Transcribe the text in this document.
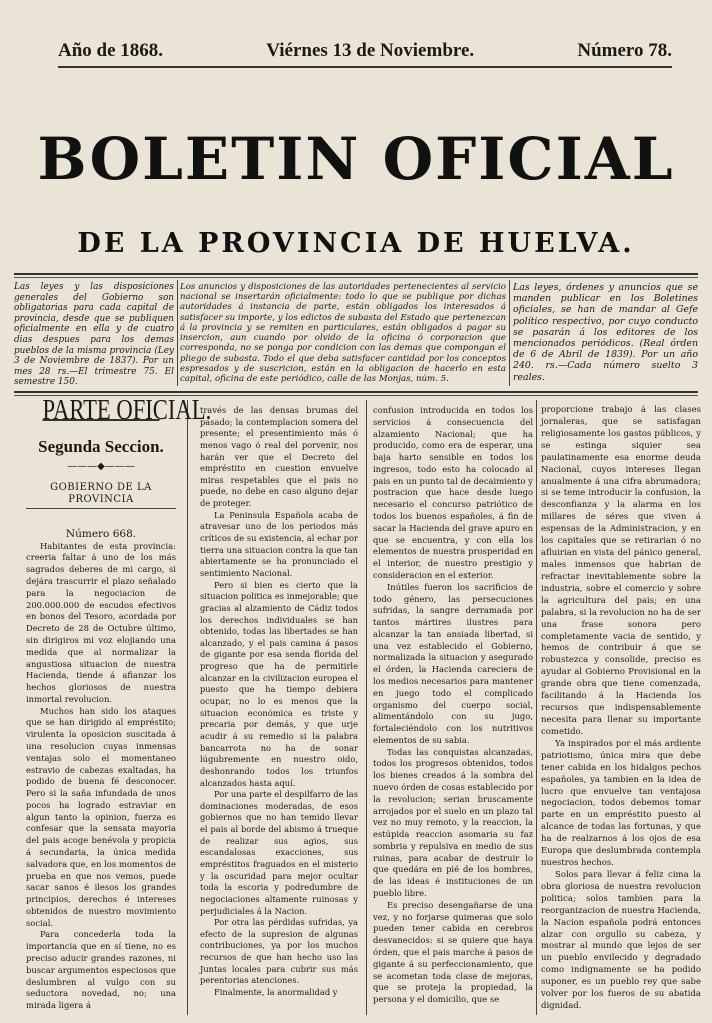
Año de 1868.	Viérnes 13 de Noviembre.	Número 78.
BOLETIN OFICIAL
DE LA PROVINCIA DE HUELVA.
Las leyes y las disposiciones generales del Gobierno son obligatorias para cada capital de provincia, desde que se publiquen oficialmente en ella y de cuatro dias despues para los demas pueblos de la misma provincia (Ley 3 de Noviembre de 1837). Por un mes 28 rs.—El trimestre 75. El semestre 150.
Los anuncios y disposiciones de las autoridades pertenecientes al servicio nacional se insertarán oficialmente: todo lo que se publique por dichas autoridades á instancia de parte, están obligados los interesados á satisfacer su importe, y los edictos de subasta del Estado que pertenezcan á la provincia y se remiten en particulares, están obligados á pagar su insercion, aun cuando por olvido de la oficina ó corporacion que corresponda, no se ponga por condicion con las demas que compongan el pliego de subasta. Todo el que deba satisfacer cantidad por los conceptos espresados y de suscricion, están en la obligacion de hacerlo en esta capital, oficina de este periódico, calle de las Monjas, núm. 5.
Las leyes, órdenes y anuncios que se manden publicar en los Boletines oficiales, se han de mandar al Gefe político respectivo, por cuyo conducto se pasarán á los editores de los mencionados periódicos. (Real órden de 6 de Abril de 1839). Por un año 240. rs.—Cada número suelto 3 reales.
PARTE OFICIAL.
Segunda Seccion.
———◆———
GOBIERNO DE LA PROVINCIA

Número 668.

Habitantes de esta provincia: creeria faltar á uno de los más sagrados deberes de mi cargo, si dejára trascurrir el plazo señalado para la negociacion de 200.000.000 de escudos efectivos en bonos del Tesoro, acordada por Decreto de 28 de Octubre último, sin dirigiros mi voz elojiando una medida que al normalizar la angustiosa situacion de nuestra Hacienda, tiende á afianzar los hechos gloriosos de nuestra inmortal revolucion.

Muchos han sido los ataques que se han dirigido al empréstito; virulenta la oposicion suscitada á una resolucion cuyas inmensas ventajas solo el momentaneo estravio de cabezas exaltadas, ha podido de buena fé desconocer. Pero si la saña infundada de unos pocos ha logrado estraviar en algun tanto la opinion, fuerza es confesar que la sensata mayoria del pais acoge benévola y propicia á secundaria, la única medida salvadora que, en los momentos de prueba en que nos vemos, puede sacar sanos é ilesos los grandes principios, derechos é intereses obtenidos de nuestro movimiento social.

Para concederla toda la importancia que en sí tiene, no es preciso aducir grandes razones, ni buscar argumentos especiosos que deslumbren al vulgo con su seductora novedad, no; una mirada ligera á

través de las densas brumas del pasado; la contemplacion somera del presente; el presentimiento más ó menos vago ó real del porvenir, nos harán ver que el Decreto del empréstito en cuestion envuelve miras respetables que el pais no puede, no debe en caso alguno dejar de proteger.

La Peninsula Española acaba de atravesar uno de los periodos más críticos de su existencia, al echar por tierra una situacion contra la que tan abiertamente se ha pronunciado el sentimiento Nacional.

Pero si bien es cierto que la situacion politica es inmejorable; que gracias al alzamiento de Cádiz todos los derechos individuales se han obtenido, todas las libertades se han alcanzado, y el pais camina á pasos de gigante por esa senda florida del progreso que ha de permitirle alcanzar en la civilizacion europea el puesto que ha tiempo debiera ocupar, no lo es menos que la situacion económica es triste y precaria por demás, y que urje acudir á su remedio si la palabra bancarrota no ha de sonar lúgubremente en nuestro oido, deshonrando todos los triunfos alcanzados hasta aquí.

Por una parte el despilfarro de las dominaciones moderadas, de esos gobiernos que no han temido llevar el pais al borde del abismo á trueque de realizar sus agios, sus escandalosas exacciones, sus empréstitos fraguados en el misterio y la oscuridad para mejor ocultar toda la escoria y podredumbre de negociaciones altamente ruinosas y perjudiciales á la Nacion.

Por otra las pérdidas sufridas, ya efecto de la supresion de algunas contribuciones, ya por los muchos recursos de que han hecho uso las Juntas locales para cubrir sus más perentorias atenciones.

Finalmente, la anormalidad y

confusion introducida en todos los servicios á consecuencia del alzamiento Nacional; que ha producido, como era de esperar, una baja harto sensible en todos los ingresos, todo esto ha colocado al pais en un punto tal de decaimiento y postracion que hace desde luego necesario el concurso patriótico de todos los buenos españoles, á fin de sacar la Hacienda del grave apuro en que se encuentra, y con ella los elementos de nuestra prosperidad en el interior, de nuestro prestigio y consideracion en el exterior.

Inútiles fueron los sacrificios de todo género, las persecuciones sufridas, la sangre derramada por tantos mártires ilustres para alcanzar la tan ansiada libertad, si una vez establecido el Gobierno, normalizada la situacion y asegurado el órden, la Hacienda careciera de los medios necesarios para mantener en juego todo el complicado organismo del cuerpo social, alimentándolo con su jugo, fortaleciéndolo con los nutritivos elementos de su sabia.

Todas las conquistas alcanzadas, todos los progresos obtenidos, todos los bienes creados á la sombra del nuevo órden de cosas establecido por la revolucion; serian bruscamente arrojados por el suelo en un plazo tal vez no muy remoto, y la reaccion, la estúpida reaccion asomaria su faz sombria y repulsiva en medio de sus ruinas, para acabar de destruir lo que quedára en pié de los hombres, de las ideas é instituciones de un pueblo libre.

Es preciso desengañarse de una vez, y no forjarse quimeras que solo pueden tener cabida en cerebros desvanecidos: si se quiere que haya órden, que el pais marche á pasos de gigante á su perfeccionamiento, que se acometan toda clase de mejoras, que se proteja la propiedad, la persona y el domicilio, que se

proporcione trabajo á las clases jornaleras, que se satisfagan religiosamente los gastos públicos, y se estinga siquier sea paulatinamente esa enorme deuda Nacional, cuyos intereses llegan anualmente á una cifra abrumadora; si se teme introducir la confusion, la desconfianza y la alarma en los millares de séres que viven á espensas de la Administracion, y en los capitales que se retirarian ó no afluirian en vista del pánico general, males inmensos que habrian de refractar inevitablemente sobre la industria, sobre el comercio y sobre la agricultura del pais; en una palabra, si la revolucion no ha de ser una frase sonora pero completamente vacia de sentido, y hemos de contribuir á que se robustezca y consolide, preciso es ayudar al Gobierno Provisional en la grande obra que tiene comenzada, facilitando á la Hacienda los recursos que indispensablemente necesita para llenar su importante cometido.

Ya inspirados por el más ardiente patriotismo, única mira que debe tener cabida en los hidalgos pechos españoles, ya tambien en la idea de lucro que envuelve tan ventajosa negociacion, todos debemos tomar parte en un empréstito puesto al alcance de todas las fortunas, y que ha de realzarnos á los ojos de esa Europa que deslumbrada contempla nuestros hechos.

Solos para llevar á feliz cima la obra gloriosa de nuestra revolucion politica; solos tambien para la reorganizacion de nuestra Hacienda, la Nacion española podrá entonces alzar con orgullo su cabeza, y mostrar al mundo que lejos de ser un pueblo envilecido y degradado como indignamente se ha podido suponer, es un pueblo rey que sabe volver por los fueros de su abatida dignidad.
